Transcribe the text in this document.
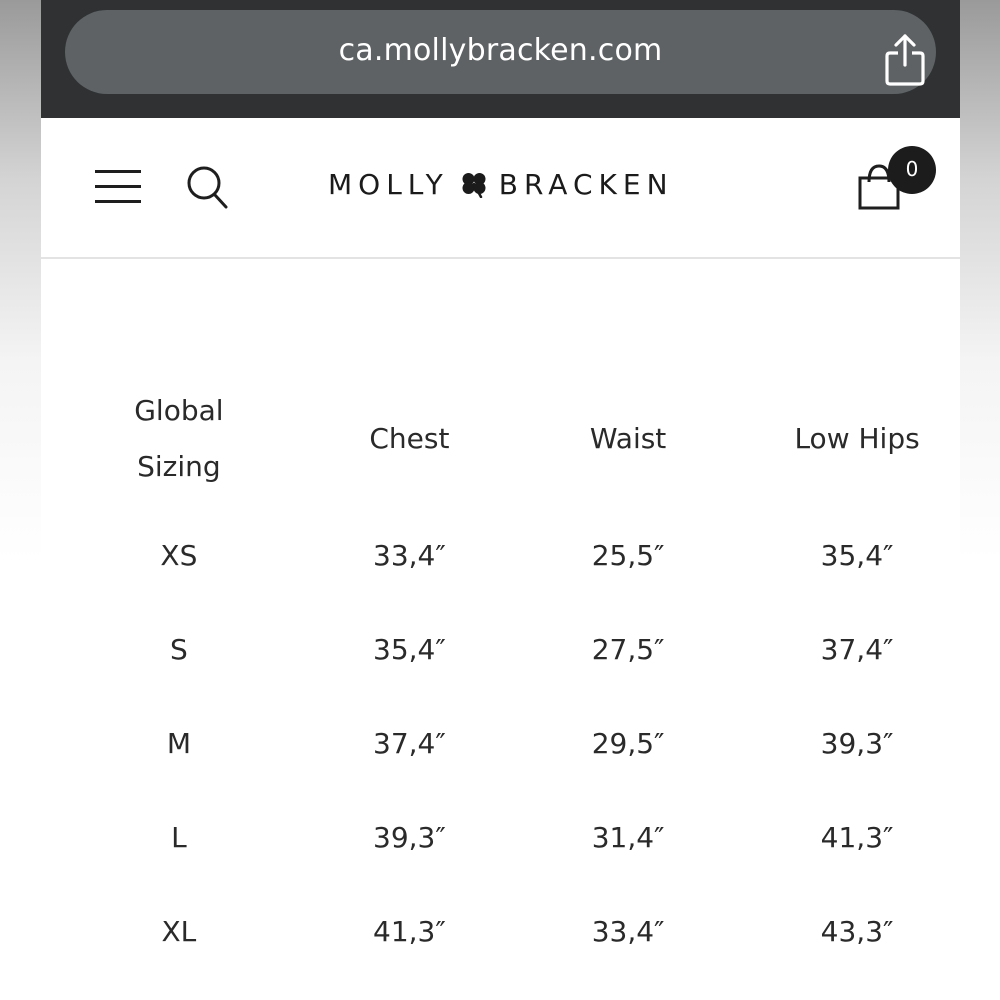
ca.mollybracken.com
MOLLY BRACKEN	0
Global
Sizing	Chest	Waist	Low Hips
XS	33,4″	25,5″	35,4″
S	35,4″	27,5″	37,4″
M	37,4″	29,5″	39,3″
L	39,3″	31,4″	41,3″
XL	41,3″	33,4″	43,3″
